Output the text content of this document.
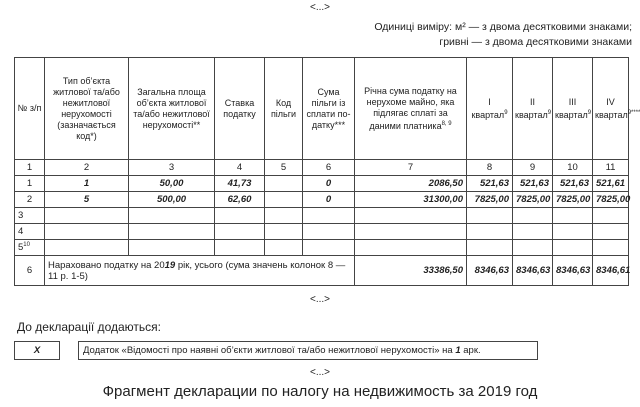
<...>
Одиниці виміру: м² — з двома десятковими знаками;
гривні — з двома десятковими знаками
№ з/п	Тип об’єкта житлової та/або нежитлової нерухомості (зазначається код*)	Загальна площа об’єкта житлової та/або нежитлової нерухомості**	Ставка податку	Код пільги	Сума пільги із сплати по-датку***	Річна сума податку на нерухоме майно, яка підлягає сплаті за даними платника$^{8, 9}$	I квартал$^9$	II квартал$^9$	III квартал$^9$	IV квартал$^{9****}$
1	2	3	4	5	6	7	8	9	10	11
1	1	50,00	41,73		0	2086,50	521,63	521,63	521,63	521,61
2	5	500,00	62,60		0	31300,00	7825,00	7825,00	7825,00	7825,00
3										
4										
$5^{10}$										
6	Нараховано податку на 2019 рік, усього (сума значень колонок 8 — 11 р. 1-5)					33386,50	8346,63	8346,63	8346,63	8346,61
<...>
До декларації додаються:
X		Додаток «Відомості про наявні об’єкти житлової та/або нежитлової нерухомості» на 1 арк.
<...>
Фрагмент декларации по налогу на недвижимость за 2019 год
